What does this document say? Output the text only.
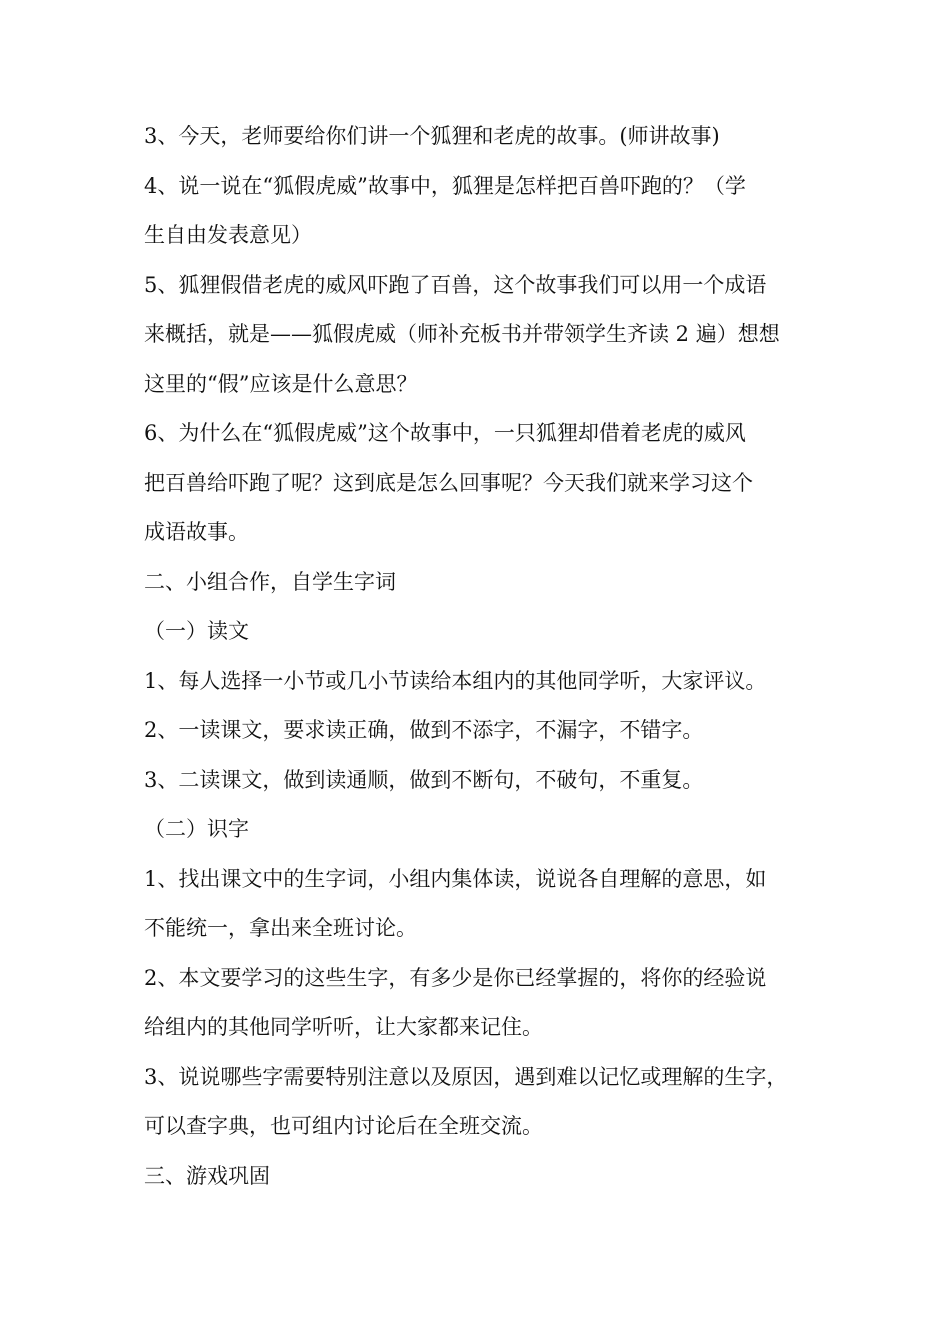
3、今天，老师要给你们讲一个狐狸和老虎的故事。(师讲故事)

4、说一说在“狐假虎威”故事中，狐狸是怎样把百兽吓跑的？（学
生自由发表意见）

5、狐狸假借老虎的威风吓跑了百兽，这个故事我们可以用一个成语
来概括，就是——狐假虎威（师补充板书并带领学生齐读 2 遍）想想
这里的“假”应该是什么意思？

6、为什么在“狐假虎威”这个故事中，一只狐狸却借着老虎的威风
把百兽给吓跑了呢？这到底是怎么回事呢？今天我们就来学习这个
成语故事。

二、小组合作，自学生字词

（一）读文

1、每人选择一小节或几小节读给本组内的其他同学听，大家评议。

2、一读课文，要求读正确，做到不添字，不漏字，不错字。

3、二读课文，做到读通顺，做到不断句，不破句，不重复。

（二）识字

1、找出课文中的生字词，小组内集体读，说说各自理解的意思，如
不能统一，拿出来全班讨论。

2、本文要学习的这些生字，有多少是你已经掌握的，将你的经验说
给组内的其他同学听听，让大家都来记住。

3、说说哪些字需要特别注意以及原因，遇到难以记忆或理解的生字，
可以查字典，也可组内讨论后在全班交流。

三、游戏巩固
